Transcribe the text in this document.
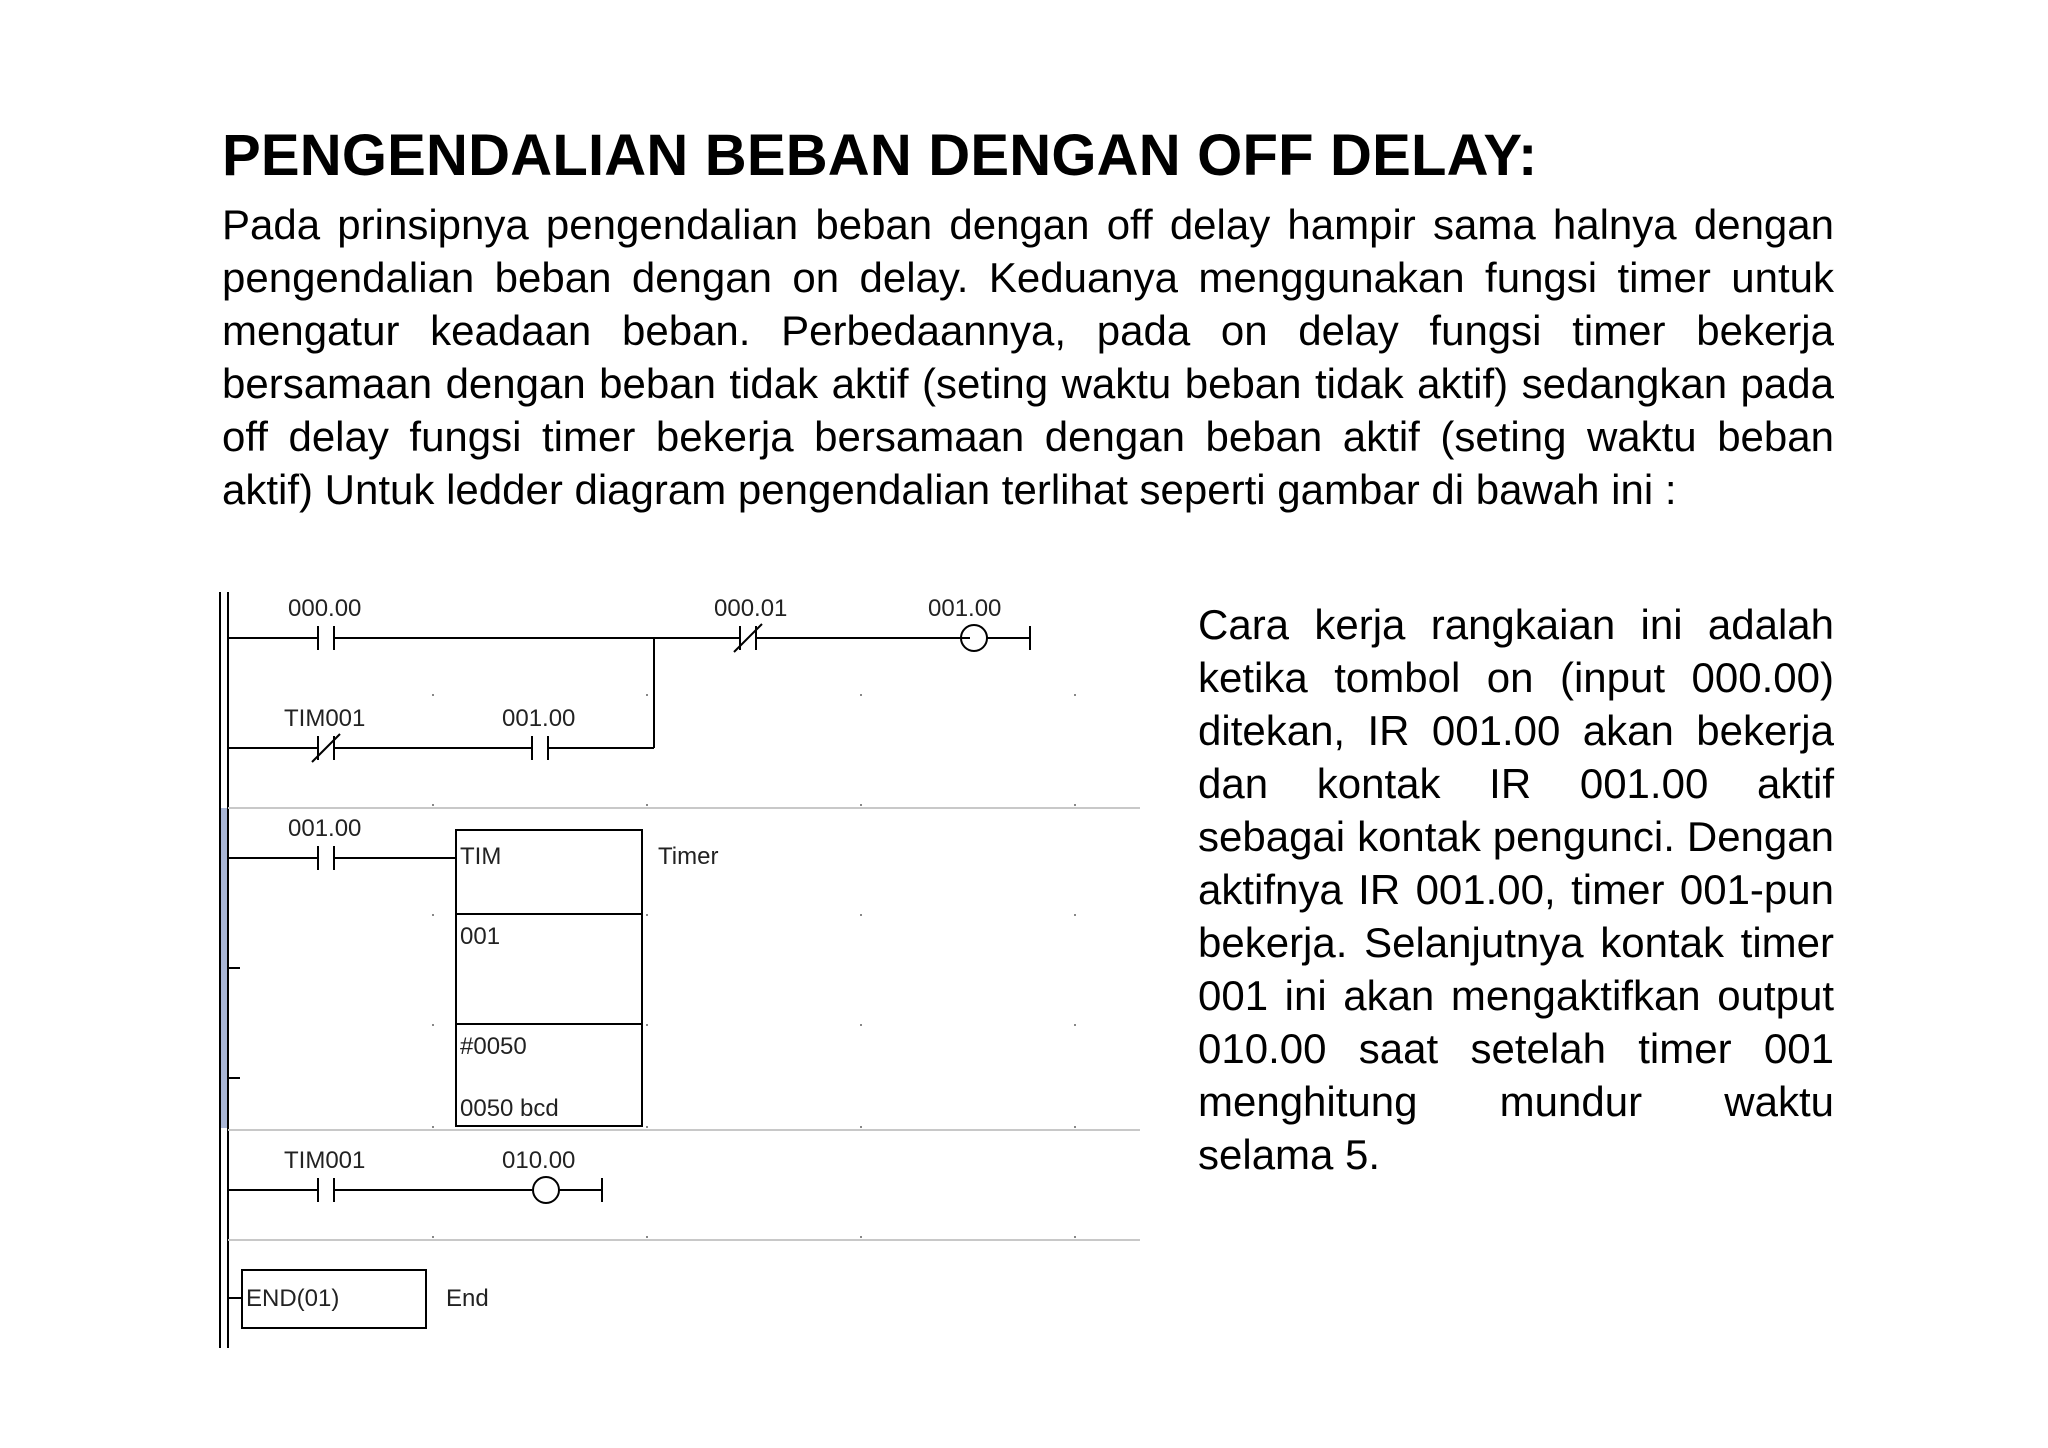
PENGENDALIAN BEBAN DENGAN OFF DELAY:
Pada prinsipnya pengendalian beban dengan off delay hampir sama halnya dengan pengendalian beban dengan on delay. Keduanya menggunakan fungsi timer untuk mengatur keadaan beban. Perbedaannya, pada on delay fungsi timer bekerja bersamaan dengan beban tidak aktif (seting waktu beban tidak aktif) sedangkan pada off delay fungsi timer bekerja bersamaan dengan beban aktif (seting waktu beban aktif) Untuk ledder diagram pengendalian terlihat seperti gambar di bawah ini :
000.00	000.01	001.00
TIM001	001.00
001.00
TIM	Timer
001
#0050
0050 bcd
TIM001	010.00
END(01)	End
Cara kerja rangkaian ini adalah ketika tombol on (input 000.00) ditekan, IR 001.00 akan bekerja dan kontak IR 001.00 aktif sebagai kontak pengunci. Dengan aktifnya IR 001.00, timer 001-pun bekerja. Selanjutnya kontak timer 001 ini akan mengaktifkan output 010.00 saat setelah timer 001 menghitung mundur waktu selama 5.
